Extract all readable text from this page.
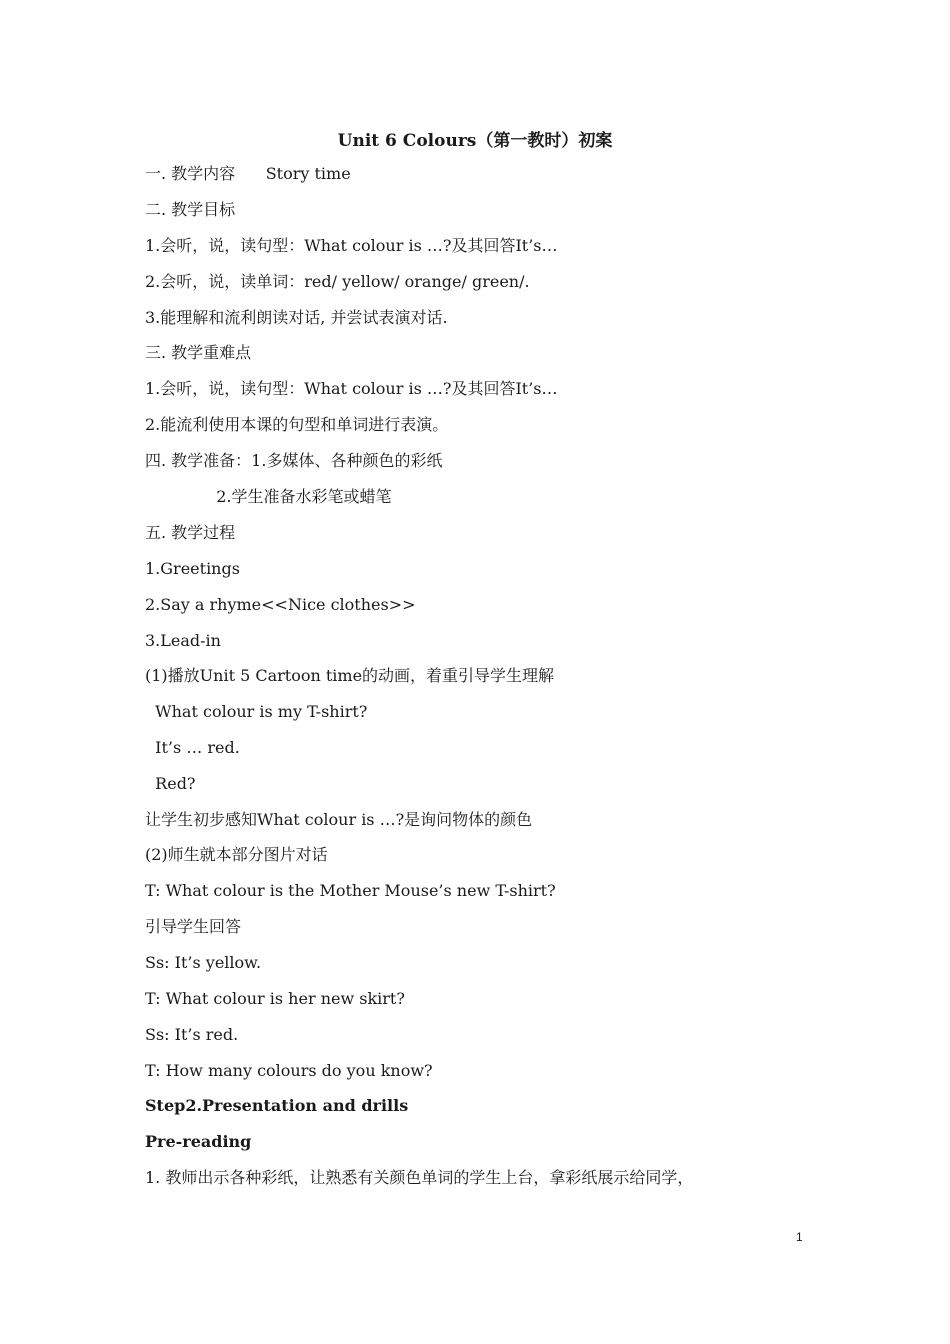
Unit 6 Colours（第一教时）初案
一. 教学内容      Story time
二. 教学目标
1.会听，说，读句型：What colour is …?及其回答It’s…
2.会听，说，读单词：red/ yellow/ orange/ green/.
3.能理解和流利朗读对话, 并尝试表演对话.
三. 教学重难点
1.会听，说，读句型：What colour is …?及其回答It’s…
2.能流利使用本课的句型和单词进行表演。
四. 教学准备：1.多媒体、各种颜色的彩纸
2.学生准备水彩笔或蜡笔
五. 教学过程
1.Greetings
2.Say a rhyme<<Nice clothes>>
3.Lead-in
(1)播放Unit 5 Cartoon time的动画，着重引导学生理解
What colour is my T-shirt?
It’s … red.
Red?
让学生初步感知What colour is …?是询问物体的颜色
(2)师生就本部分图片对话
T: What colour is the Mother Mouse’s new T-shirt?
引导学生回答
Ss: It’s yellow.
T: What colour is her new skirt?
Ss: It’s red.
T: How many colours do you know?
Step2.Presentation and drills
Pre-reading
1. 教师出示各种彩纸，让熟悉有关颜色单词的学生上台，拿彩纸展示给同学，
1
